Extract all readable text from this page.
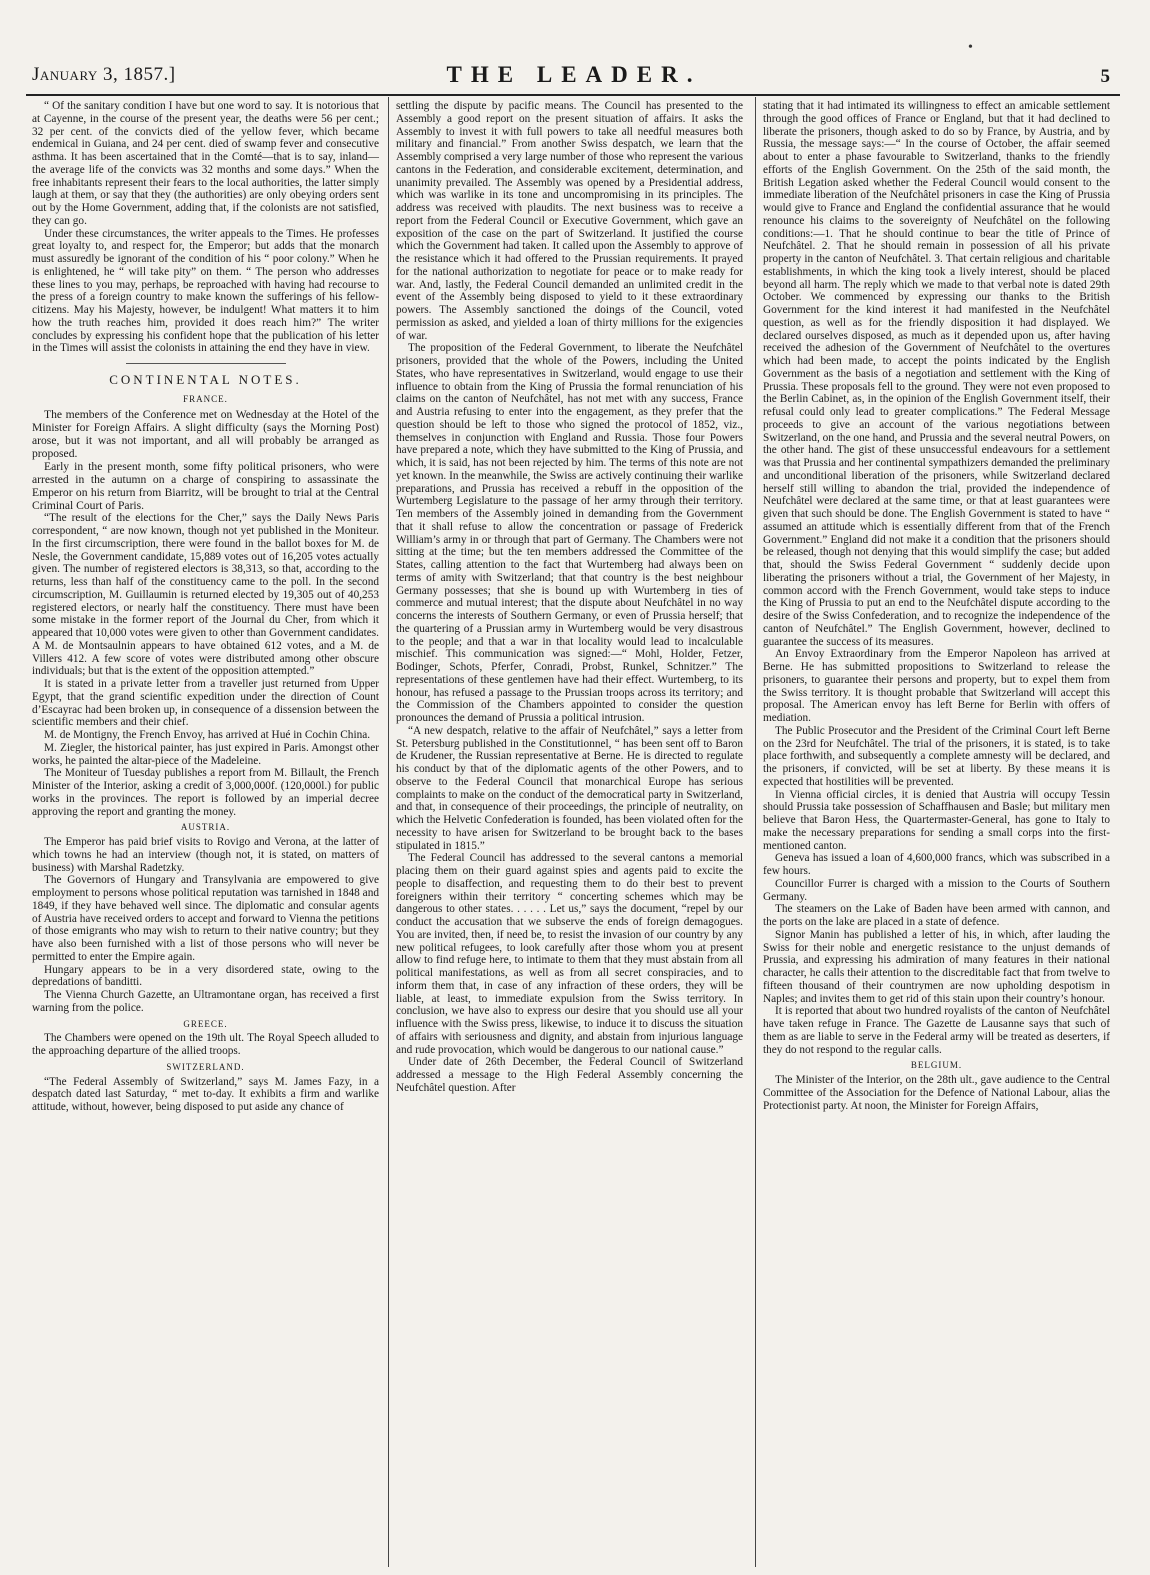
•
January 3, 1857.]	THE LEADER.	5

“ Of the sanitary condition I have but one word to say. It is notorious that at Cayenne, in the course of the present year, the deaths were 56 per cent.; 32 per cent. of the convicts died of the yellow fever, which became endemical in Guiana, and 24 per cent. died of swamp fever and consecutive asthma. It has been ascertained that in the Comté—that is to say, inland—the average life of the convicts was 32 months and some days.” When the free inhabitants represent their fears to the local authorities, the latter simply laugh at them, or say that they (the authorities) are only obeying orders sent out by the Home Government, adding that, if the colonists are not satisfied, they can go.

Under these circumstances, the writer appeals to the Times. He professes great loyalty to, and respect for, the Emperor; but adds that the monarch must assuredly be ignorant of the condition of his “ poor colony.” When he is enlightened, he “ will take pity” on them. “ The person who addresses these lines to you may, perhaps, be reproached with having had recourse to the press of a foreign country to make known the sufferings of his fellow-citizens. May his Majesty, however, be indulgent! What matters it to him how the truth reaches him, provided it does reach him?” The writer concludes by expressing his confident hope that the publication of his letter in the Times will assist the colonists in attaining the end they have in view.

CONTINENTAL NOTES.
FRANCE.

The members of the Conference met on Wednesday at the Hotel of the Minister for Foreign Affairs. A slight difficulty (says the Morning Post) arose, but it was not important, and all will probably be arranged as proposed.

Early in the present month, some fifty political prisoners, who were arrested in the autumn on a charge of conspiring to assassinate the Emperor on his return from Biarritz, will be brought to trial at the Central Criminal Court of Paris.

“The result of the elections for the Cher,” says the Daily News Paris correspondent, “ are now known, though not yet published in the Moniteur. In the first circumscription, there were found in the ballot boxes for M. de Nesle, the Government candidate, 15,889 votes out of 16,205 votes actually given. The number of registered electors is 38,313, so that, according to the returns, less than half of the constituency came to the poll. In the second circumscription, M. Guillaumin is returned elected by 19,305 out of 40,253 registered electors, or nearly half the constituency. There must have been some mistake in the former report of the Journal du Cher, from which it appeared that 10,000 votes were given to other than Government candidates. A M. de Montsaulnin appears to have obtained 612 votes, and a M. de Villers 412. A few score of votes were distributed among other obscure individuals; but that is the extent of the opposition attempted.”

It is stated in a private letter from a traveller just returned from Upper Egypt, that the grand scientific expedition under the direction of Count d’Escayrac had been broken up, in consequence of a dissension between the scientific members and their chief.

M. de Montigny, the French Envoy, has arrived at Hué in Cochin China.

M. Ziegler, the historical painter, has just expired in Paris. Amongst other works, he painted the altar-piece of the Madeleine.

The Moniteur of Tuesday publishes a report from M. Billault, the French Minister of the Interior, asking a credit of 3,000,000f. (120,000l.) for public works in the provinces. The report is followed by an imperial decree approving the report and granting the money.

AUSTRIA.

The Emperor has paid brief visits to Rovigo and Verona, at the latter of which towns he had an interview (though not, it is stated, on matters of business) with Marshal Radetzky.

The Governors of Hungary and Transylvania are empowered to give employment to persons whose political reputation was tarnished in 1848 and 1849, if they have behaved well since. The diplomatic and consular agents of Austria have received orders to accept and forward to Vienna the petitions of those emigrants who may wish to return to their native country; but they have also been furnished with a list of those persons who will never be permitted to enter the Empire again.

Hungary appears to be in a very disordered state, owing to the depredations of banditti.

The Vienna Church Gazette, an Ultramontane organ, has received a first warning from the police.

GREECE.

The Chambers were opened on the 19th ult. The Royal Speech alluded to the approaching departure of the allied troops.

SWITZERLAND.

“The Federal Assembly of Switzerland,” says M. James Fazy, in a despatch dated last Saturday, “ met to-day. It exhibits a firm and warlike attitude, without, however, being disposed to put aside any chance of

settling the dispute by pacific means. The Council has presented to the Assembly a good report on the present situation of affairs. It asks the Assembly to invest it with full powers to take all needful measures both military and financial.” From another Swiss despatch, we learn that the Assembly comprised a very large number of those who represent the various cantons in the Federation, and considerable excitement, determination, and unanimity prevailed. The Assembly was opened by a Presidential address, which was warlike in its tone and uncompromising in its principles. The address was received with plaudits. The next business was to receive a report from the Federal Council or Executive Government, which gave an exposition of the case on the part of Switzerland. It justified the course which the Government had taken. It called upon the Assembly to approve of the resistance which it had offered to the Prussian requirements. It prayed for the national authorization to negotiate for peace or to make ready for war. And, lastly, the Federal Council demanded an unlimited credit in the event of the Assembly being disposed to yield to it these extraordinary powers. The Assembly sanctioned the doings of the Council, voted permission as asked, and yielded a loan of thirty millions for the exigencies of war.

The proposition of the Federal Government, to liberate the Neufchâtel prisoners, provided that the whole of the Powers, including the United States, who have representatives in Switzerland, would engage to use their influence to obtain from the King of Prussia the formal renunciation of his claims on the canton of Neufchâtel, has not met with any success, France and Austria refusing to enter into the engagement, as they prefer that the question should be left to those who signed the protocol of 1852, viz., themselves in conjunction with England and Russia. Those four Powers have prepared a note, which they have submitted to the King of Prussia, and which, it is said, has not been rejected by him. The terms of this note are not yet known. In the meanwhile, the Swiss are actively continuing their warlike preparations, and Prussia has received a rebuff in the opposition of the Wurtemberg Legislature to the passage of her army through their territory. Ten members of the Assembly joined in demanding from the Government that it shall refuse to allow the concentration or passage of Frederick William’s army in or through that part of Germany. The Chambers were not sitting at the time; but the ten members addressed the Committee of the States, calling attention to the fact that Wurtemberg had always been on terms of amity with Switzerland; that that country is the best neighbour Germany possesses; that she is bound up with Wurtemberg in ties of commerce and mutual interest; that the dispute about Neufchâtel in no way concerns the interests of Southern Germany, or even of Prussia herself; that the quartering of a Prussian army in Wurtemberg would be very disastrous to the people; and that a war in that locality would lead to incalculable mischief. This communication was signed:—“ Mohl, Holder, Fetzer, Bodinger, Schots, Pferfer, Conradi, Probst, Runkel, Schnitzer.” The representations of these gentlemen have had their effect. Wurtemberg, to its honour, has refused a passage to the Prussian troops across its territory; and the Commission of the Chambers appointed to consider the question pronounces the demand of Prussia a political intrusion.

“A new despatch, relative to the affair of Neufchâtel,” says a letter from St. Petersburg published in the Constitutionnel, “ has been sent off to Baron de Krudener, the Russian representative at Berne. He is directed to regulate his conduct by that of the diplomatic agents of the other Powers, and to observe to the Federal Council that monarchical Europe has serious complaints to make on the conduct of the democratical party in Switzerland, and that, in consequence of their proceedings, the principle of neutrality, on which the Helvetic Confederation is founded, has been violated often for the necessity to have arisen for Switzerland to be brought back to the bases stipulated in 1815.”

The Federal Council has addressed to the several cantons a memorial placing them on their guard against spies and agents paid to excite the people to disaffection, and requesting them to do their best to prevent foreigners within their territory “ concerting schemes which may be dangerous to other states. . . . . . Let us,” says the document, “repel by our conduct the accusation that we subserve the ends of foreign demagogues. You are invited, then, if need be, to resist the invasion of our country by any new political refugees, to look carefully after those whom you at present allow to find refuge here, to intimate to them that they must abstain from all political manifestations, as well as from all secret conspiracies, and to inform them that, in case of any infraction of these orders, they will be liable, at least, to immediate expulsion from the Swiss territory. In conclusion, we have also to express our desire that you should use all your influence with the Swiss press, likewise, to induce it to discuss the situation of affairs with seriousness and dignity, and abstain from injurious language and rude provocation, which would be dangerous to our national cause.”

Under date of 26th December, the Federal Council of Switzerland addressed a message to the High Federal Assembly concerning the Neufchâtel question. After

stating that it had intimated its willingness to effect an amicable settlement through the good offices of France or England, but that it had declined to liberate the prisoners, though asked to do so by France, by Austria, and by Russia, the message says:—“ In the course of October, the affair seemed about to enter a phase favourable to Switzerland, thanks to the friendly efforts of the English Government. On the 25th of the said month, the British Legation asked whether the Federal Council would consent to the immediate liberation of the Neufchâtel prisoners in case the King of Prussia would give to France and England the confidential assurance that he would renounce his claims to the sovereignty of Neufchâtel on the following conditions:—1. That he should continue to bear the title of Prince of Neufchâtel. 2. That he should remain in possession of all his private property in the canton of Neufchâtel. 3. That certain religious and charitable establishments, in which the king took a lively interest, should be placed beyond all harm. The reply which we made to that verbal note is dated 29th October. We commenced by expressing our thanks to the British Government for the kind interest it had manifested in the Neufchâtel question, as well as for the friendly disposition it had displayed. We declared ourselves disposed, as much as it depended upon us, after having received the adhesion of the Government of Neufchâtel to the overtures which had been made, to accept the points indicated by the English Government as the basis of a negotiation and settlement with the King of Prussia. These proposals fell to the ground. They were not even proposed to the Berlin Cabinet, as, in the opinion of the English Government itself, their refusal could only lead to greater complications.” The Federal Message proceeds to give an account of the various negotiations between Switzerland, on the one hand, and Prussia and the several neutral Powers, on the other hand. The gist of these unsuccessful endeavours for a settlement was that Prussia and her continental sympathizers demanded the preliminary and unconditional liberation of the prisoners, while Switzerland declared herself still willing to abandon the trial, provided the independence of Neufchâtel were declared at the same time, or that at least guarantees were given that such should be done. The English Government is stated to have “ assumed an attitude which is essentially different from that of the French Government.” England did not make it a condition that the prisoners should be released, though not denying that this would simplify the case; but added that, should the Swiss Federal Government “ suddenly decide upon liberating the prisoners without a trial, the Government of her Majesty, in common accord with the French Government, would take steps to induce the King of Prussia to put an end to the Neufchâtel dispute according to the desire of the Swiss Confederation, and to recognize the independence of the canton of Neufchâtel.” The English Government, however, declined to guarantee the success of its measures.

An Envoy Extraordinary from the Emperor Napoleon has arrived at Berne. He has submitted propositions to Switzerland to release the prisoners, to guarantee their persons and property, but to expel them from the Swiss territory. It is thought probable that Switzerland will accept this proposal. The American envoy has left Berne for Berlin with offers of mediation.

The Public Prosecutor and the President of the Criminal Court left Berne on the 23rd for Neufchâtel. The trial of the prisoners, it is stated, is to take place forthwith, and subsequently a complete amnesty will be declared, and the prisoners, if convicted, will be set at liberty. By these means it is expected that hostilities will be prevented.

In Vienna official circles, it is denied that Austria will occupy Tessin should Prussia take possession of Schaffhausen and Basle; but military men believe that Baron Hess, the Quartermaster-General, has gone to Italy to make the necessary preparations for sending a small corps into the first-mentioned canton.

Geneva has issued a loan of 4,600,000 francs, which was subscribed in a few hours.

Councillor Furrer is charged with a mission to the Courts of Southern Germany.

The steamers on the Lake of Baden have been armed with cannon, and the ports on the lake are placed in a state of defence.

Signor Manin has published a letter of his, in which, after lauding the Swiss for their noble and energetic resistance to the unjust demands of Prussia, and expressing his admiration of many features in their national character, he calls their attention to the discreditable fact that from twelve to fifteen thousand of their countrymen are now upholding despotism in Naples; and invites them to get rid of this stain upon their country’s honour.

It is reported that about two hundred royalists of the canton of Neufchâtel have taken refuge in France. The Gazette de Lausanne says that such of them as are liable to serve in the Federal army will be treated as deserters, if they do not respond to the regular calls.

BELGIUM.

The Minister of the Interior, on the 28th ult., gave audience to the Central Committee of the Association for the Defence of National Labour, alias the Protectionist party. At noon, the Minister for Foreign Affairs,
